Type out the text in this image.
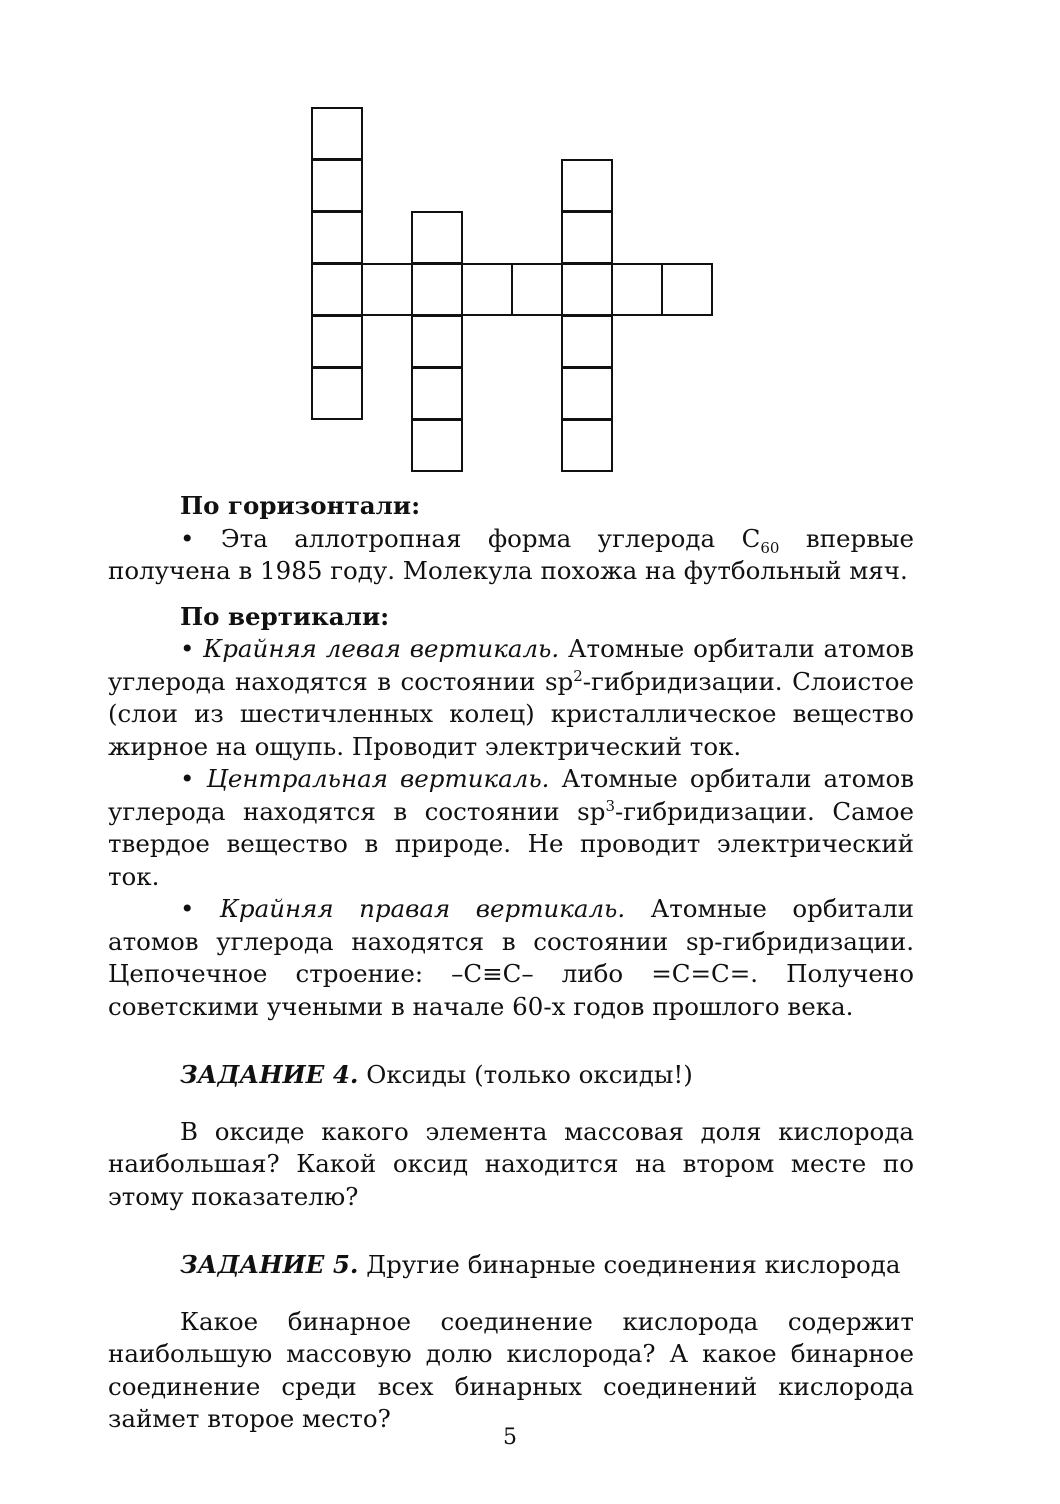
По горизонтали:

• Эта аллотропная форма углерода $С_{60}$ впервые получена в 1985 году. Молекула похожа на футбольный мяч.

По вертикали:

• Крайняя левая вертикаль. Атомные орбитали атомов углерода находятся в состоянии $sp^2$-гибридизации. Слоистое (слои из шестичленных колец) кристаллическое вещество жирное на ощупь. Проводит электрический ток.

• Центральная вертикаль. Атомные орбитали атомов углерода находятся в состоянии $sp^3$-гибридизации. Самое твердое вещество в природе. Не проводит электрический ток.

• Крайняя правая вертикаль. Атомные орбитали атомов углерода находятся в состоянии sp-гибридизации. Цепочечное строение: –С≡С– либо =С=С=. Получено советскими учеными в начале 60-х годов прошлого века.

ЗАДАНИЕ 4. Оксиды (только оксиды!)

В оксиде какого элемента массовая доля кислорода наибольшая? Какой оксид находится на втором месте по этому показателю?

ЗАДАНИЕ 5. Другие бинарные соединения кислорода

Какое бинарное соединение кислорода содержит наибольшую массовую долю кислорода? А какое бинарное соединение среди всех бинарных соединений кислорода займет второе место?

5
